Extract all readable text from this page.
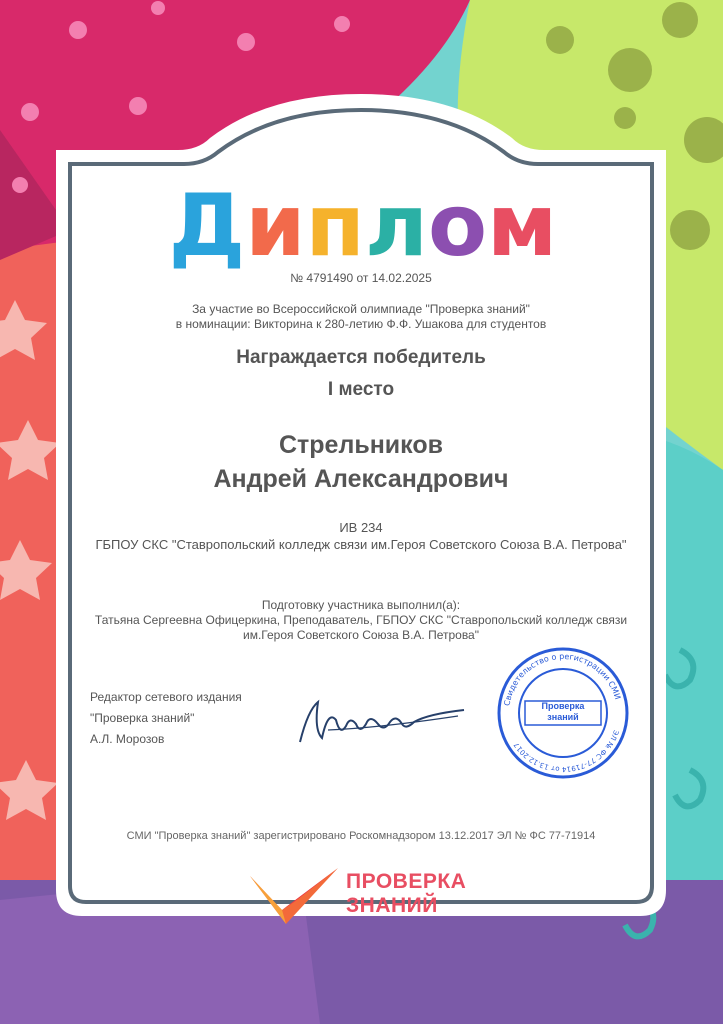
Диплом
№ 4791490 от 14.02.2025
За участие во Всероссийской олимпиаде "Проверка знаний"
в номинации: Викторина к 280-летию Ф.Ф. Ушакова для студентов
Награждается победитель
I место
Стрельников
Андрей Александрович
ИВ 234
ГБПОУ СКС "Ставропольский колледж связи им.Героя Советского Союза В.А. Петрова"
Подготовку участника выполнил(а):
Татьяна Сергеевна Офицеркина, Преподаватель, ГБПОУ СКС "Ставропольский колледж связи им.Героя Советского Союза В.А. Петрова"
Редактор сетевого издания
"Проверка знаний"
А.Л. Морозов
Свидетельство о регистрации СМИ
ЭЛ № ФС 77-71914 от 13.12.2017
Проверка знаний
СМИ "Проверка знаний" зарегистрировано Роскомнадзором 13.12.2017 ЭЛ № ФС 77-71914
ПРОВЕРКА
ЗНАНИЙ
